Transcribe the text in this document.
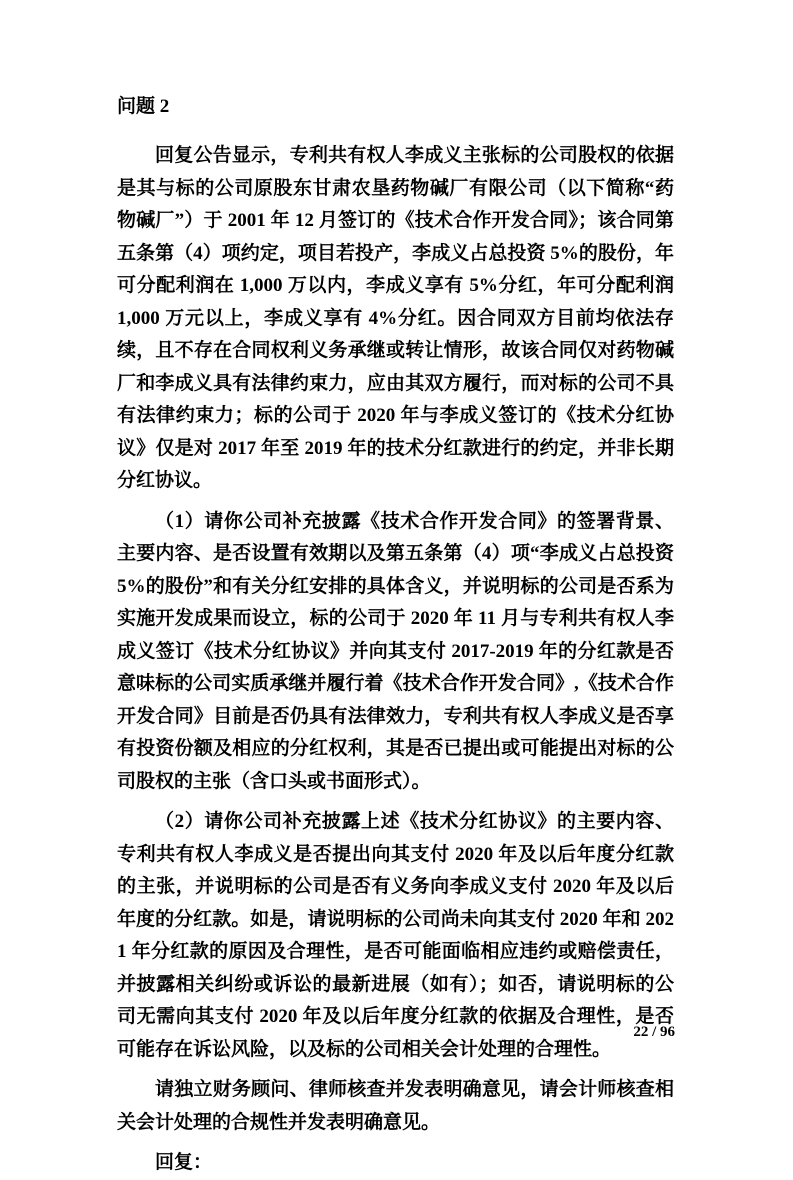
问题 2

回复公告显示，专利共有权人李成义主张标的公司股权的依据是其与标的公司原股东甘肃农垦药物碱厂有限公司（以下简称“药物碱厂”）于 2001 年 12 月签订的《技术合作开发合同》；该合同第五条第（4）项约定，项目若投产，李成义占总投资 5%的股份，年可分配利润在 1,000 万以内，李成义享有 5%分红，年可分配利润 1,000 万元以上，李成义享有 4%分红。因合同双方目前均依法存续，且不存在合同权利义务承继或转让情形，故该合同仅对药物碱厂和李成义具有法律约束力，应由其双方履行，而对标的公司不具有法律约束力；标的公司于 2020 年与李成义签订的《技术分红协议》仅是对 2017 年至 2019 年的技术分红款进行的约定，并非长期分红协议。

（1）请你公司补充披露《技术合作开发合同》的签署背景、主要内容、是否设置有效期以及第五条第（4）项“李成义占总投资 5%的股份”和有关分红安排的具体含义，并说明标的公司是否系为实施开发成果而设立，标的公司于 2020 年 11 月与专利共有权人李成义签订《技术分红协议》并向其支付 2017-2019 年的分红款是否意味标的公司实质承继并履行着《技术合作开发合同》,《技术合作开发合同》目前是否仍具有法律效力，专利共有权人李成义是否享有投资份额及相应的分红权利，其是否已提出或可能提出对标的公司股权的主张（含口头或书面形式）。

（2）请你公司补充披露上述《技术分红协议》的主要内容、专利共有权人李成义是否提出向其支付 2020 年及以后年度分红款的主张，并说明标的公司是否有义务向李成义支付 2020 年及以后年度的分红款。如是，请说明标的公司尚未向其支付 2020 年和 2021 年分红款的原因及合理性，是否可能面临相应违约或赔偿责任，并披露相关纠纷或诉讼的最新进展（如有）；如否，请说明标的公司无需向其支付 2020 年及以后年度分红款的依据及合理性，是否可能存在诉讼风险，以及标的公司相关会计处理的合理性。

请独立财务顾问、律师核查并发表明确意见，请会计师核查相关会计处理的合规性并发表明确意见。

回复：

22 / 96
